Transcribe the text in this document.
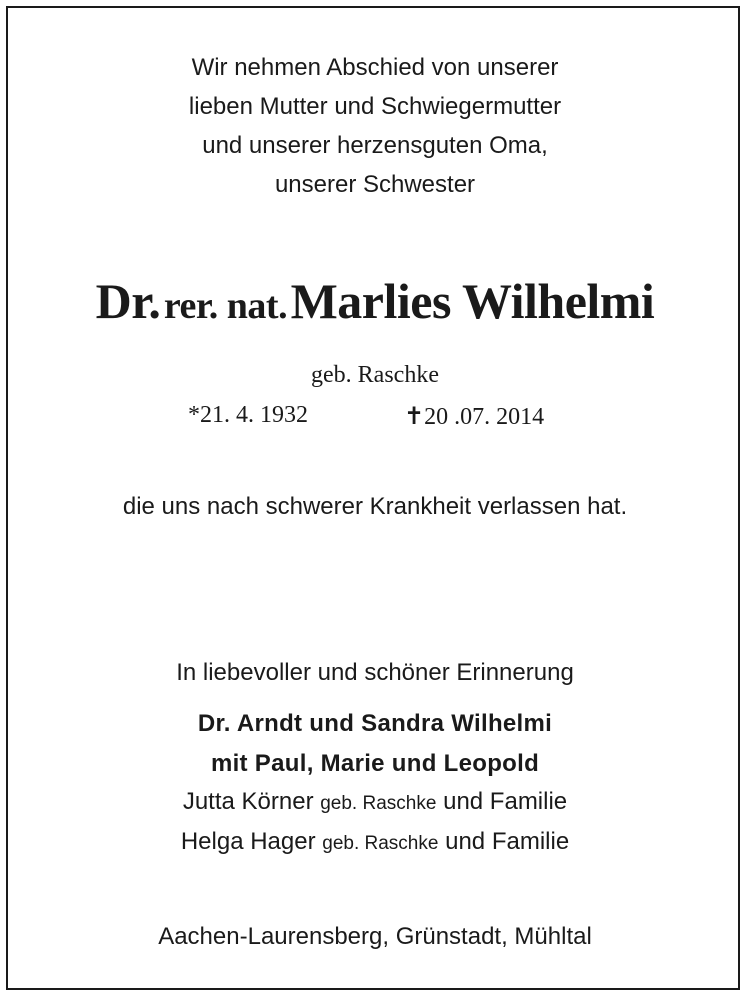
Wir nehmen Abschied von unserer
lieben Mutter und Schwiegermutter
und unserer herzensguten Oma,
unserer Schwester
Dr. rer. nat. Marlies Wilhelmi
geb. Raschke
*21. 4. 1932	✝20 .07. 2014
die uns nach schwerer Krankheit verlassen hat.
In liebevoller und schöner Erinnerung
Dr. Arndt und Sandra Wilhelmi
mit Paul, Marie und Leopold
Jutta Körner geb. Raschke und Familie
Helga Hager geb. Raschke und Familie
Aachen-Laurensberg, Grünstadt, Mühltal
